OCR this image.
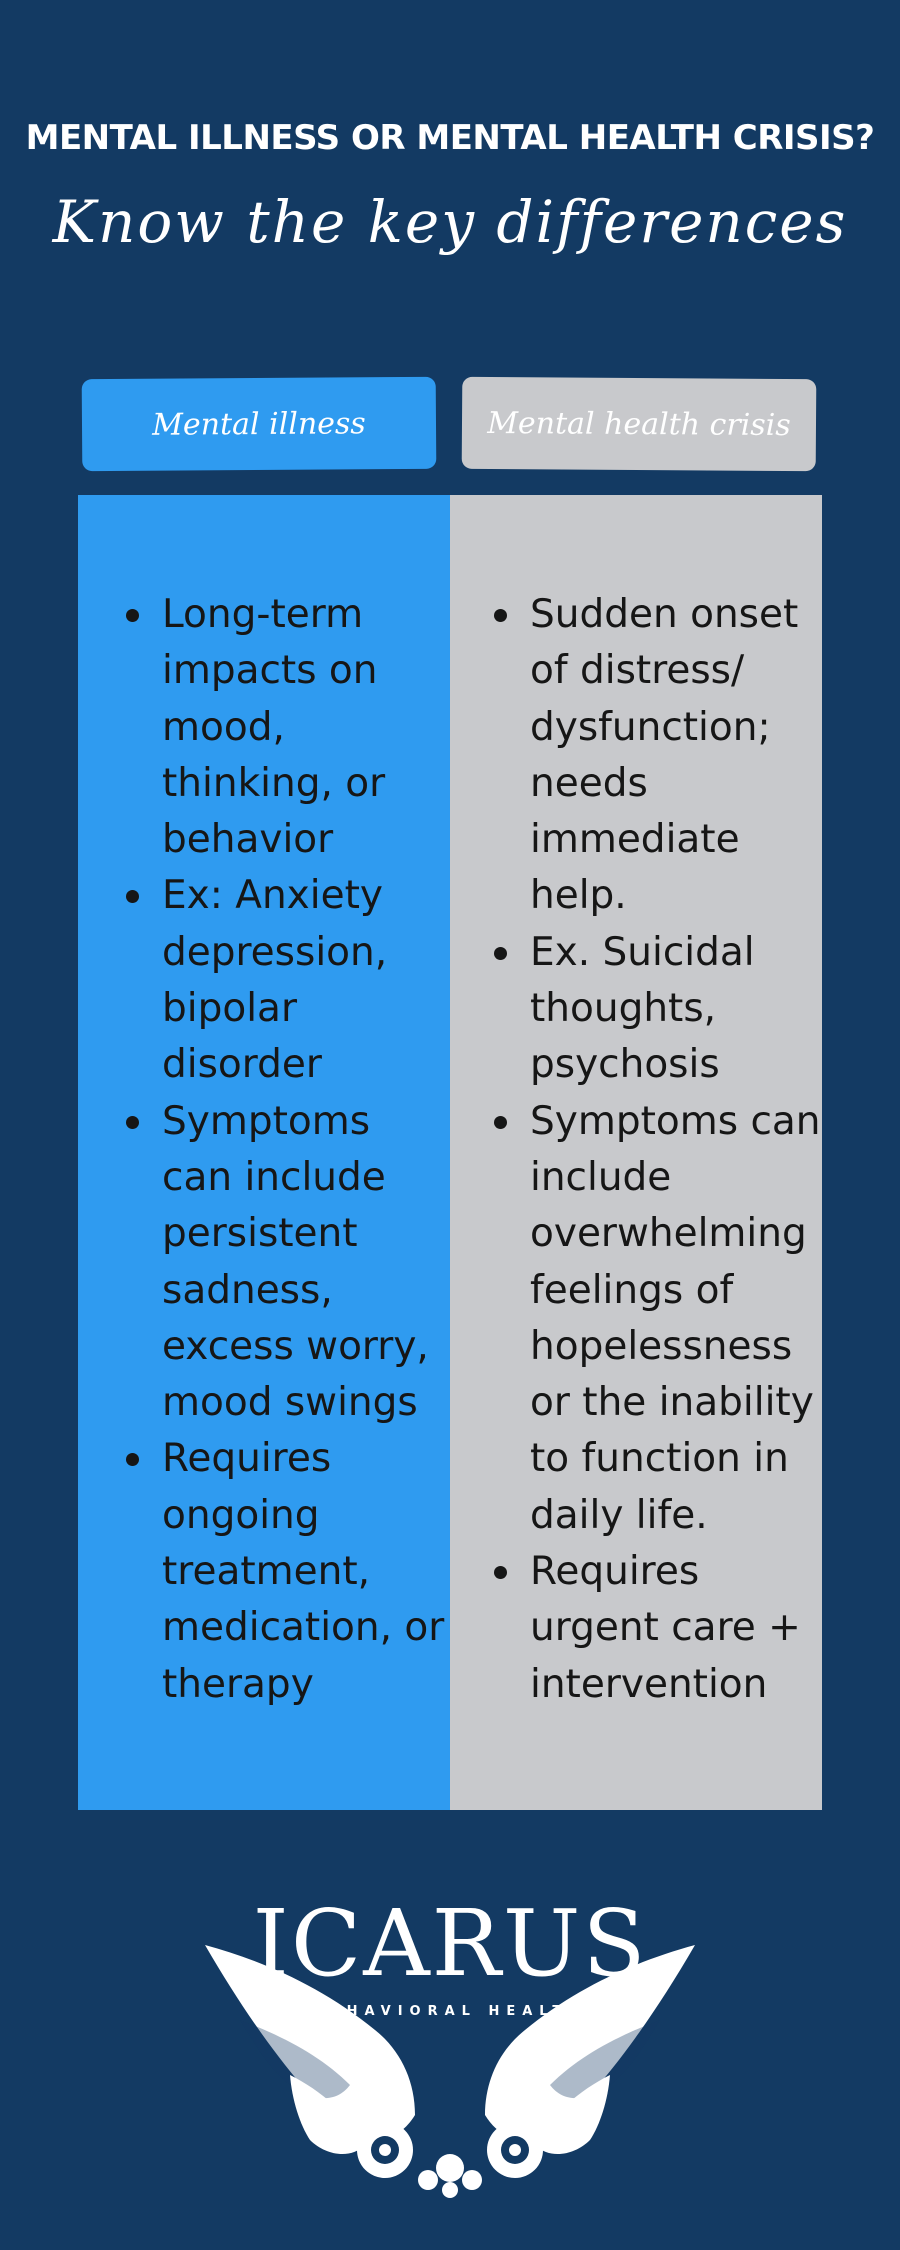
MENTAL ILLNESS OR MENTAL HEALTH CRISIS?
Know the key differences
Mental illness	Mental health crisis
Long-term impacts on mood, thinking, or behavior
Ex: Anxiety depression, bipolar disorder
Symptoms can include persistent sadness, excess worry, mood swings
Requires ongoing treatment, medication, or therapy
Sudden onset of distress/ dysfunction; needs immediate help.
Ex. Suicidal thoughts, psychosis
Symptoms can include overwhelming feelings of hopelessness or the inability to function in daily life.
Requires urgent care + intervention
ICARUS
BEHAVIORAL HEALTH
